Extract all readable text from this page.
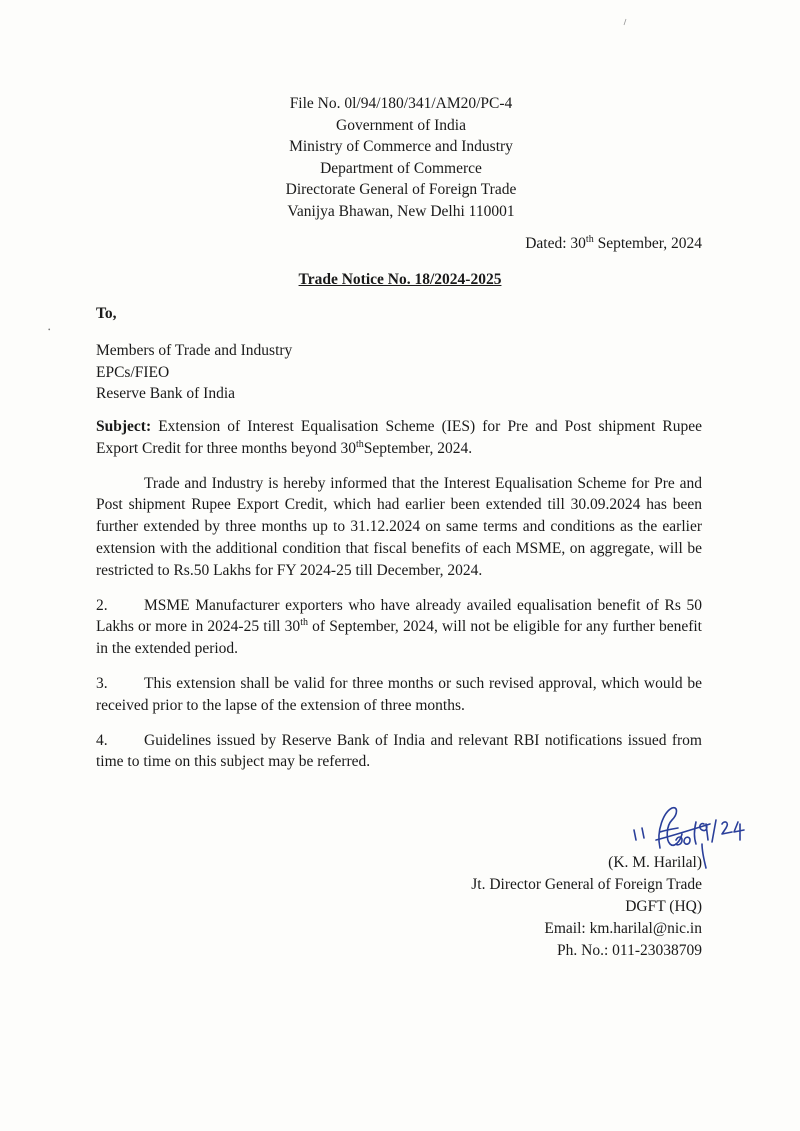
File No. 0l/94/180/341/AM20/PC-4
Government of India
Ministry of Commerce and Industry
Department of Commerce
Directorate General of Foreign Trade
Vanijya Bhawan, New Delhi 110001
Dated: 30th September, 2024
Trade Notice No. 18/2024-2025
•
To,
Members of Trade and Industry
EPCs/FIEO
Reserve Bank of India

Subject: Extension of Interest Equalisation Scheme (IES) for Pre and Post shipment Rupee Export Credit for three months beyond 30thSeptember, 2024.

Trade and Industry is hereby informed that the Interest Equalisation Scheme for Pre and Post shipment Rupee Export Credit, which had earlier been extended till 30.09.2024 has been further extended by three months up to 31.12.2024 on same terms and conditions as the earlier extension with the additional condition that fiscal benefits of each MSME, on aggregate, will be restricted to Rs.50 Lakhs for FY 2024-25 till December, 2024.

2. MSME Manufacturer exporters who have already availed equalisation benefit of Rs 50 Lakhs or more in 2024-25 till 30th of September, 2024, will not be eligible for any further benefit in the extended period.

3. This extension shall be valid for three months or such revised approval, which would be received prior to the lapse of the extension of three months.

4. Guidelines issued by Reserve Bank of India and relevant RBI notifications issued from time to time on this subject may be referred.

(K. M. Harilal)
Jt. Director General of Foreign Trade
DGFT (HQ)
Email: km.harilal@nic.in
Ph. No.: 011-23038709
